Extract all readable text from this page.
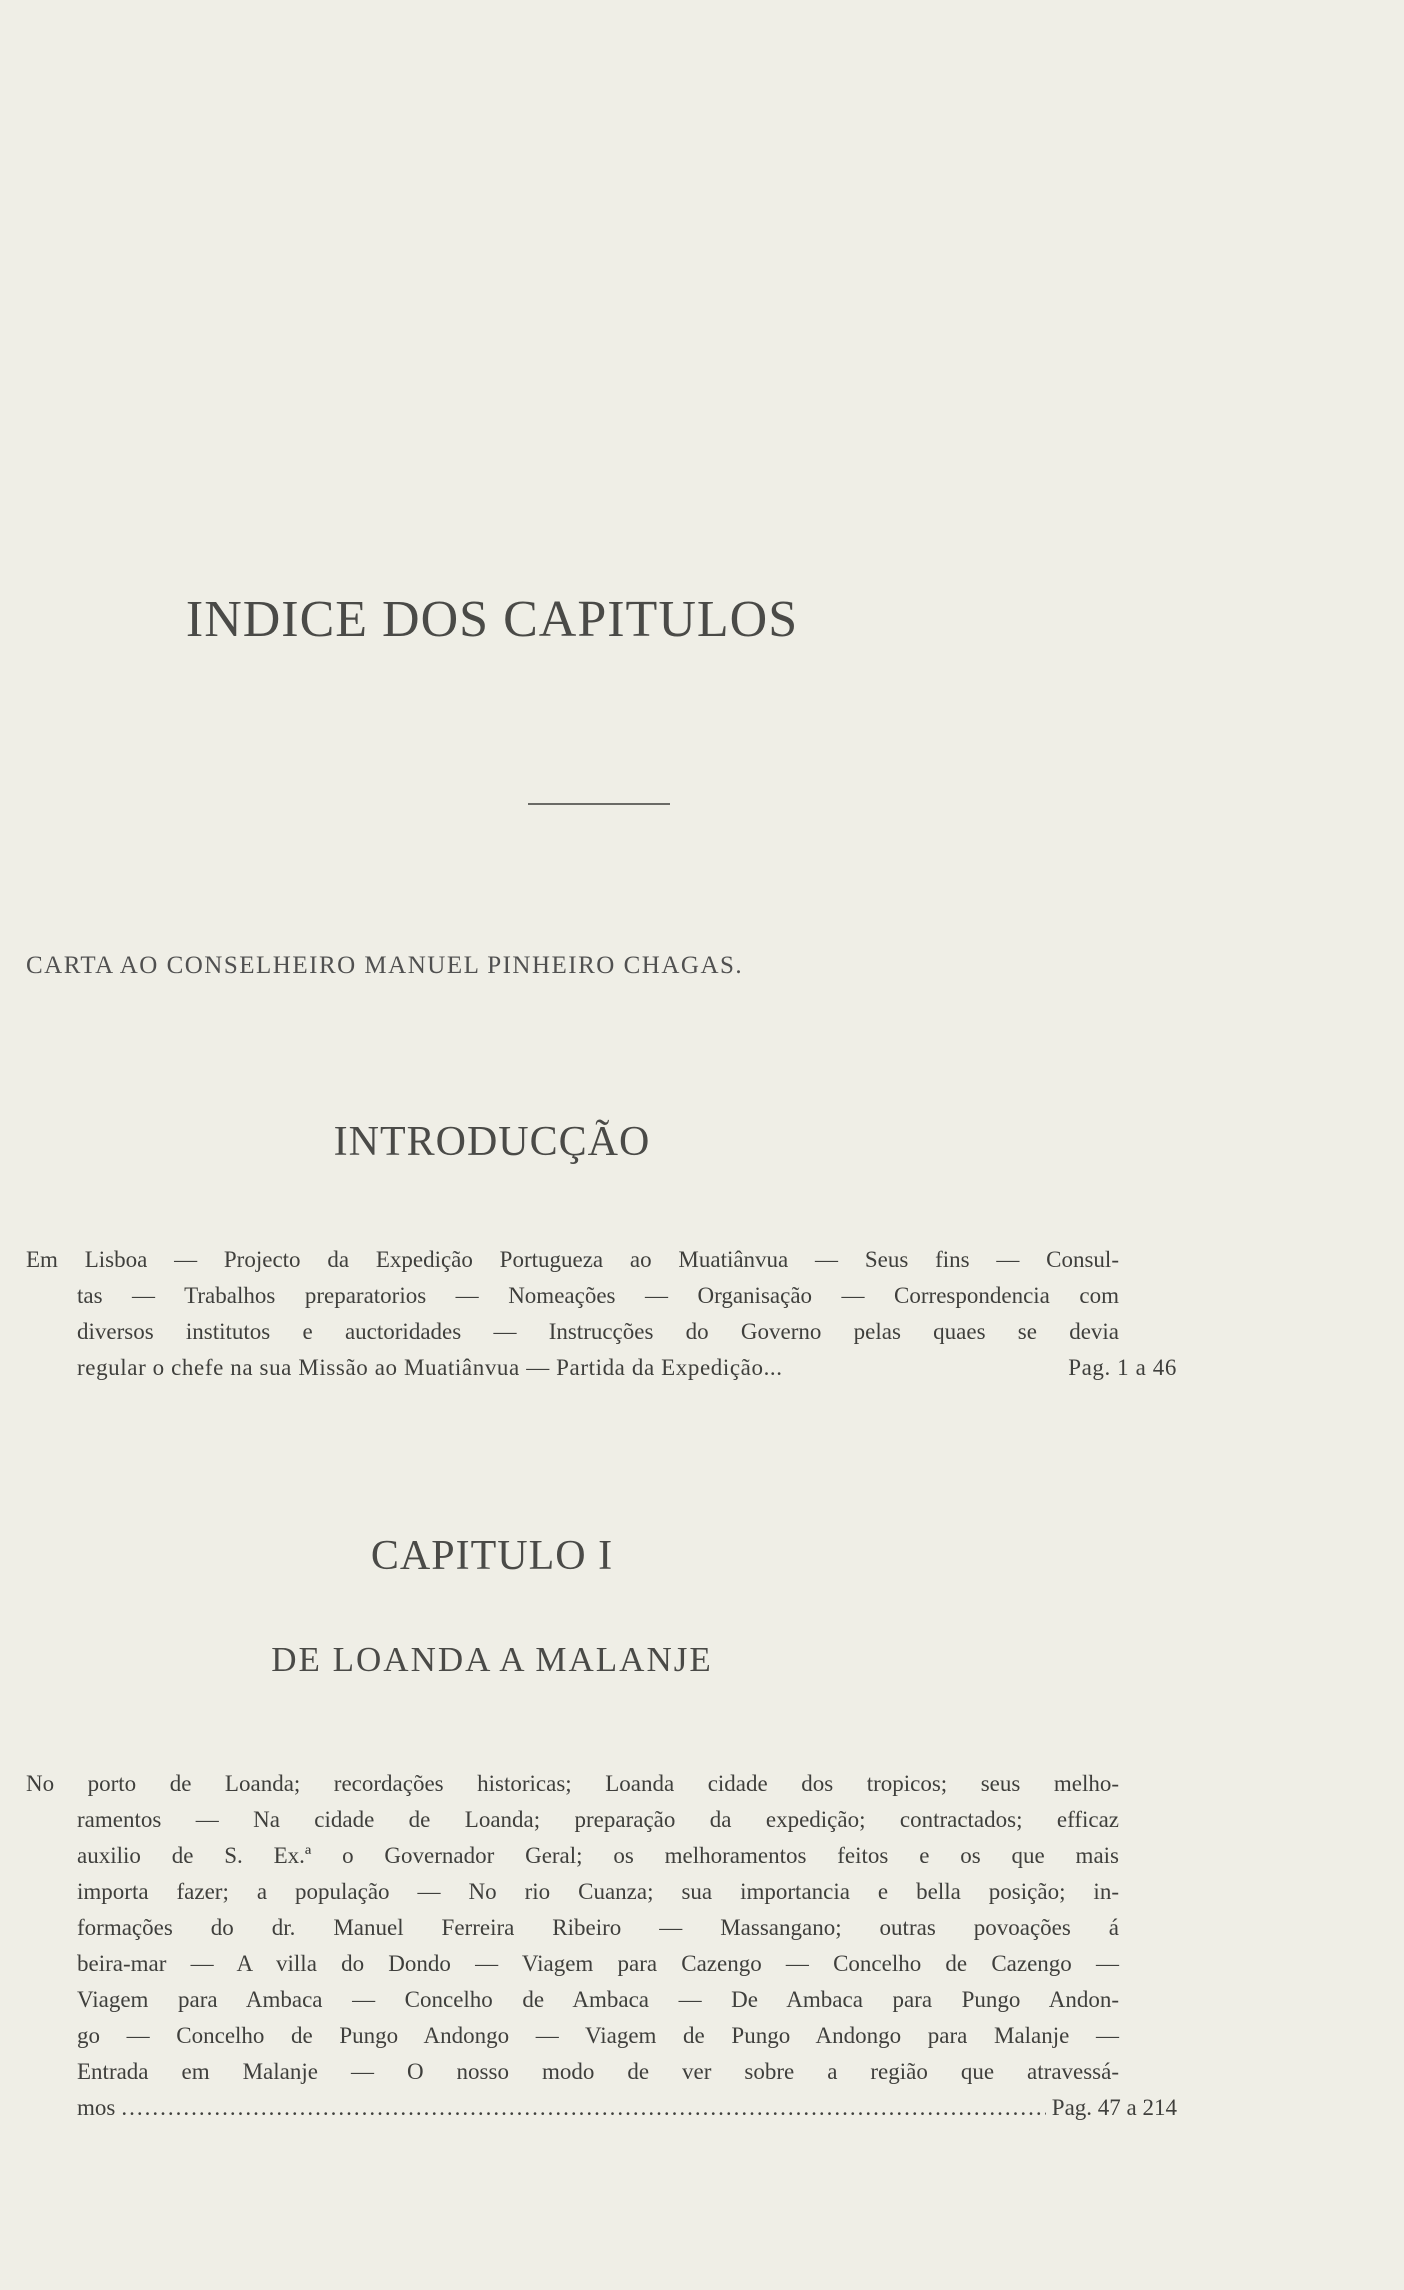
INDICE DOS CAPITULOS
CARTA AO CONSELHEIRO MANUEL PINHEIRO CHAGAS.
INTRODUCÇÃO
Em Lisboa — Projecto da Expedição Portugueza ao Muatiânvua — Seus fins — Consul-
tas — Trabalhos preparatorios — Nomeações — Organisação — Correspondencia com
diversos institutos e auctoridades — Instrucções do Governo pelas quaes se devia
regular o chefe na sua Missão ao Muatiânvua — Partida da Expedição...	Pag. 1 a 46
CAPITULO I
DE LOANDA A MALANJE
No porto de Loanda; recordações historicas; Loanda cidade dos tropicos; seus melho-
ramentos — Na cidade de Loanda; preparação da expedição; contractados; efficaz
auxilio de S. Ex.ª o Governador Geral; os melhoramentos feitos e os que mais
importa fazer; a população — No rio Cuanza; sua importancia e bella posição; in-
formações do dr. Manuel Ferreira Ribeiro — Massangano; outras povoações á
beira-mar — A villa do Dondo — Viagem para Cazengo — Concelho de Cazengo —
Viagem para Ambaca — Concelho de Ambaca — De Ambaca para Pungo Andon-
go — Concelho de Pungo Andongo — Viagem de Pungo Andongo para Malanje —
Entrada em Malanje — O nosso modo de ver sobre a região que atravessá-
mos
.....	Pag. 47 a 214
